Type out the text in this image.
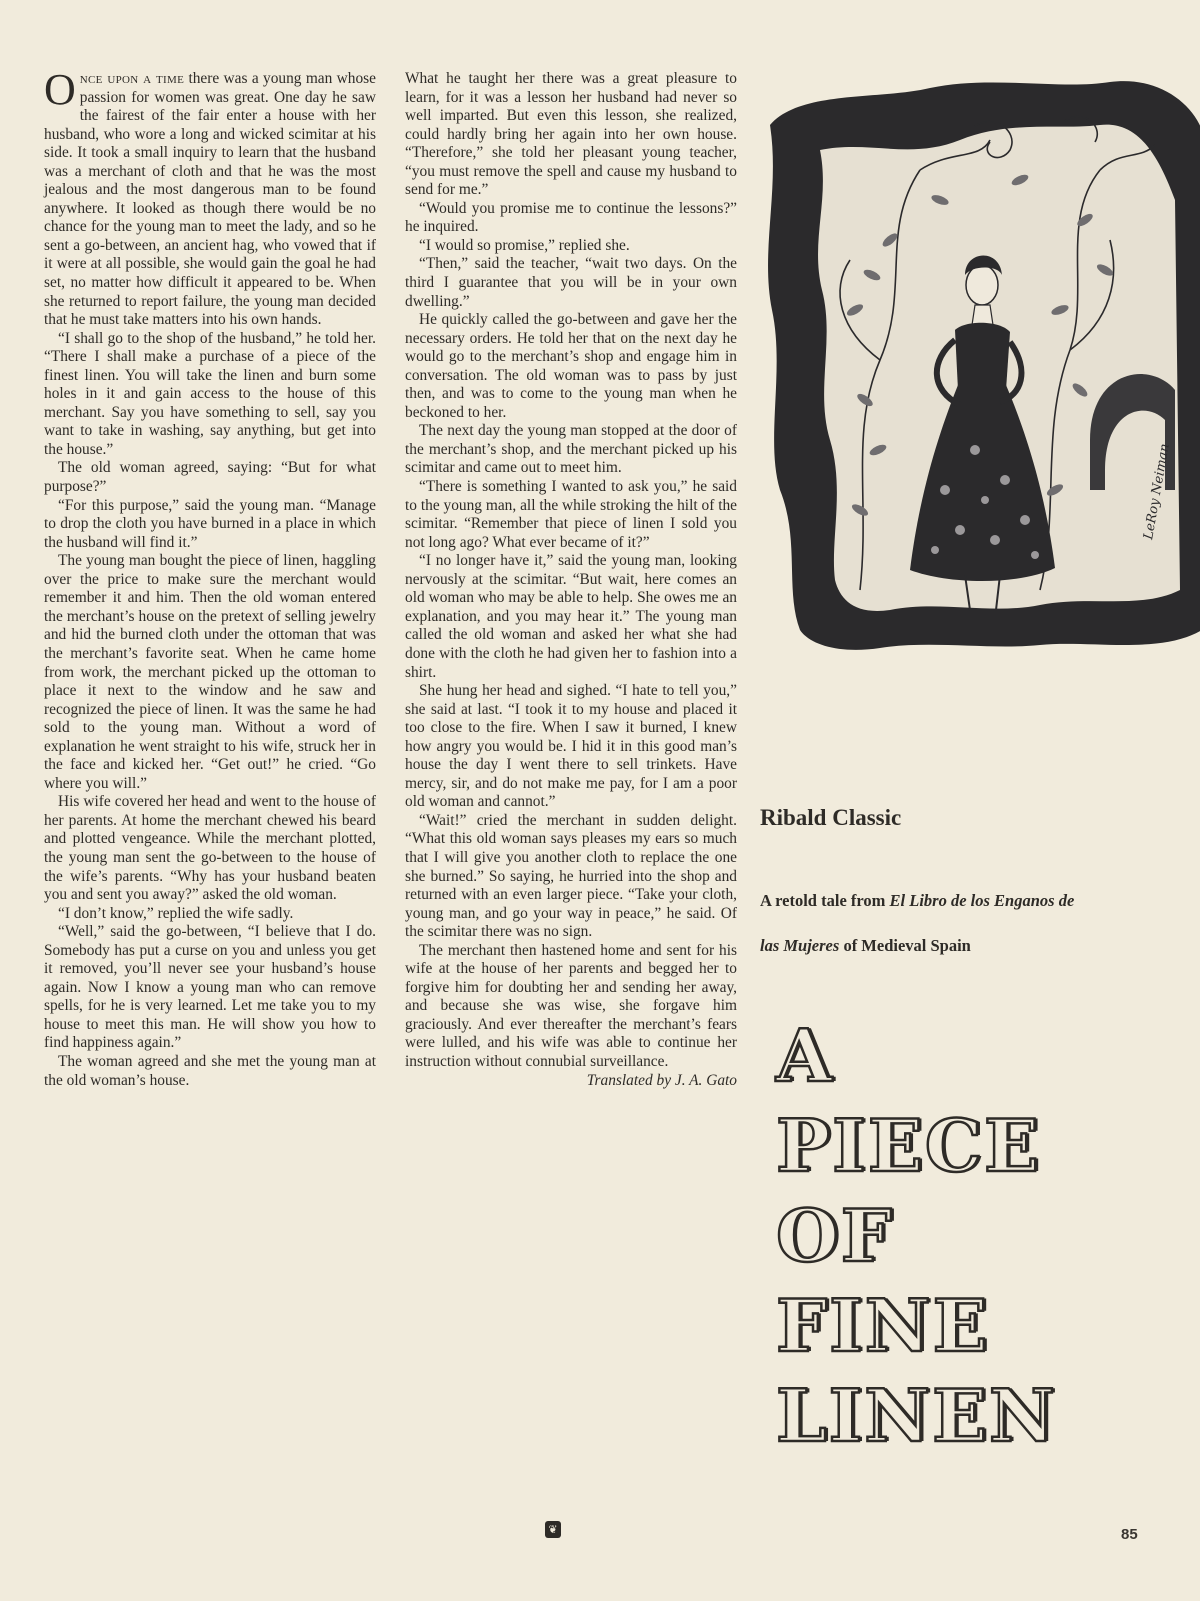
Once upon a time there was a young man whose passion for women was great. One day he saw the fairest of the fair enter a house with her husband, who wore a long and wicked scimitar at his side. It took a small inquiry to learn that the husband was a merchant of cloth and that he was the most jealous and the most dangerous man to be found anywhere. It looked as though there would be no chance for the young man to meet the lady, and so he sent a go-between, an ancient hag, who vowed that if it were at all possible, she would gain the goal he had set, no matter how difficult it appeared to be. When she returned to report failure, the young man decided that he must take matters into his own hands.

“I shall go to the shop of the husband,” he told her. “There I shall make a purchase of a piece of the finest linen. You will take the linen and burn some holes in it and gain access to the house of this merchant. Say you have something to sell, say you want to take in washing, say anything, but get into the house.”

The old woman agreed, saying: “But for what purpose?”

“For this purpose,” said the young man. “Manage to drop the cloth you have burned in a place in which the husband will find it.”

The young man bought the piece of linen, haggling over the price to make sure the merchant would remember it and him. Then the old woman entered the merchant’s house on the pretext of selling jewelry and hid the burned cloth under the ottoman that was the merchant’s favorite seat. When he came home from work, the merchant picked up the ottoman to place it next to the window and he saw and recognized the piece of linen. It was the same he had sold to the young man. Without a word of explanation he went straight to his wife, struck her in the face and kicked her. “Get out!” he cried. “Go where you will.”

His wife covered her head and went to the house of her parents. At home the merchant chewed his beard and plotted vengeance. While the merchant plotted, the young man sent the go-between to the house of the wife’s parents. “Why has your husband beaten you and sent you away?” asked the old woman.

“I don’t know,” replied the wife sadly.

“Well,” said the go-between, “I believe that I do. Somebody has put a curse on you and unless you get it removed, you’ll never see your husband’s house again. Now I know a young man who can remove spells, for he is very learned. Let me take you to my house to meet this man. He will show you how to find happiness again.”

The woman agreed and she met the young man at the old woman’s house.

What he taught her there was a great pleasure to learn, for it was a lesson her husband had never so well imparted. But even this lesson, she realized, could hardly bring her again into her own house. “Therefore,” she told her pleasant young teacher, “you must remove the spell and cause my husband to send for me.”

“Would you promise me to continue the lessons?” he inquired.

“I would so promise,” replied she.

“Then,” said the teacher, “wait two days. On the third I guarantee that you will be in your own dwelling.”

He quickly called the go-between and gave her the necessary orders. He told her that on the next day he would go to the merchant’s shop and engage him in conversation. The old woman was to pass by just then, and was to come to the young man when he beckoned to her.

The next day the young man stopped at the door of the merchant’s shop, and the merchant picked up his scimitar and came out to meet him.

“There is something I wanted to ask you,” he said to the young man, all the while stroking the hilt of the scimitar. “Remember that piece of linen I sold you not long ago? What ever became of it?”

“I no longer have it,” said the young man, looking nervously at the scimitar. “But wait, here comes an old woman who may be able to help. She owes me an explanation, and you may hear it.” The young man called the old woman and asked her what she had done with the cloth he had given her to fashion into a shirt.

She hung her head and sighed. “I hate to tell you,” she said at last. “I took it to my house and placed it too close to the fire. When I saw it burned, I knew how angry you would be. I hid it in this good man’s house the day I went there to sell trinkets. Have mercy, sir, and do not make me pay, for I am a poor old woman and cannot.”

“Wait!” cried the merchant in sudden delight. “What this old woman says pleases my ears so much that I will give you another cloth to replace the one she burned.” So saying, he hurried into the shop and returned with an even larger piece. “Take your cloth, young man, and go your way in peace,” he said. Of the scimitar there was no sign.

The merchant then hastened home and sent for his wife at the house of her parents and begged her to forgive him for doubting her and sending her away, and because she was wise, she forgave him graciously. And ever thereafter the merchant’s fears were lulled, and his wife was able to continue her instruction without connubial surveillance.

Translated by J. A. Gato

❦
LeRoy Neiman
Ribald Classic
A retold tale from El Libro de los Enganos de las Mujeres of Medieval Spain
A
PIECE
OF
FINE
LINEN
85
